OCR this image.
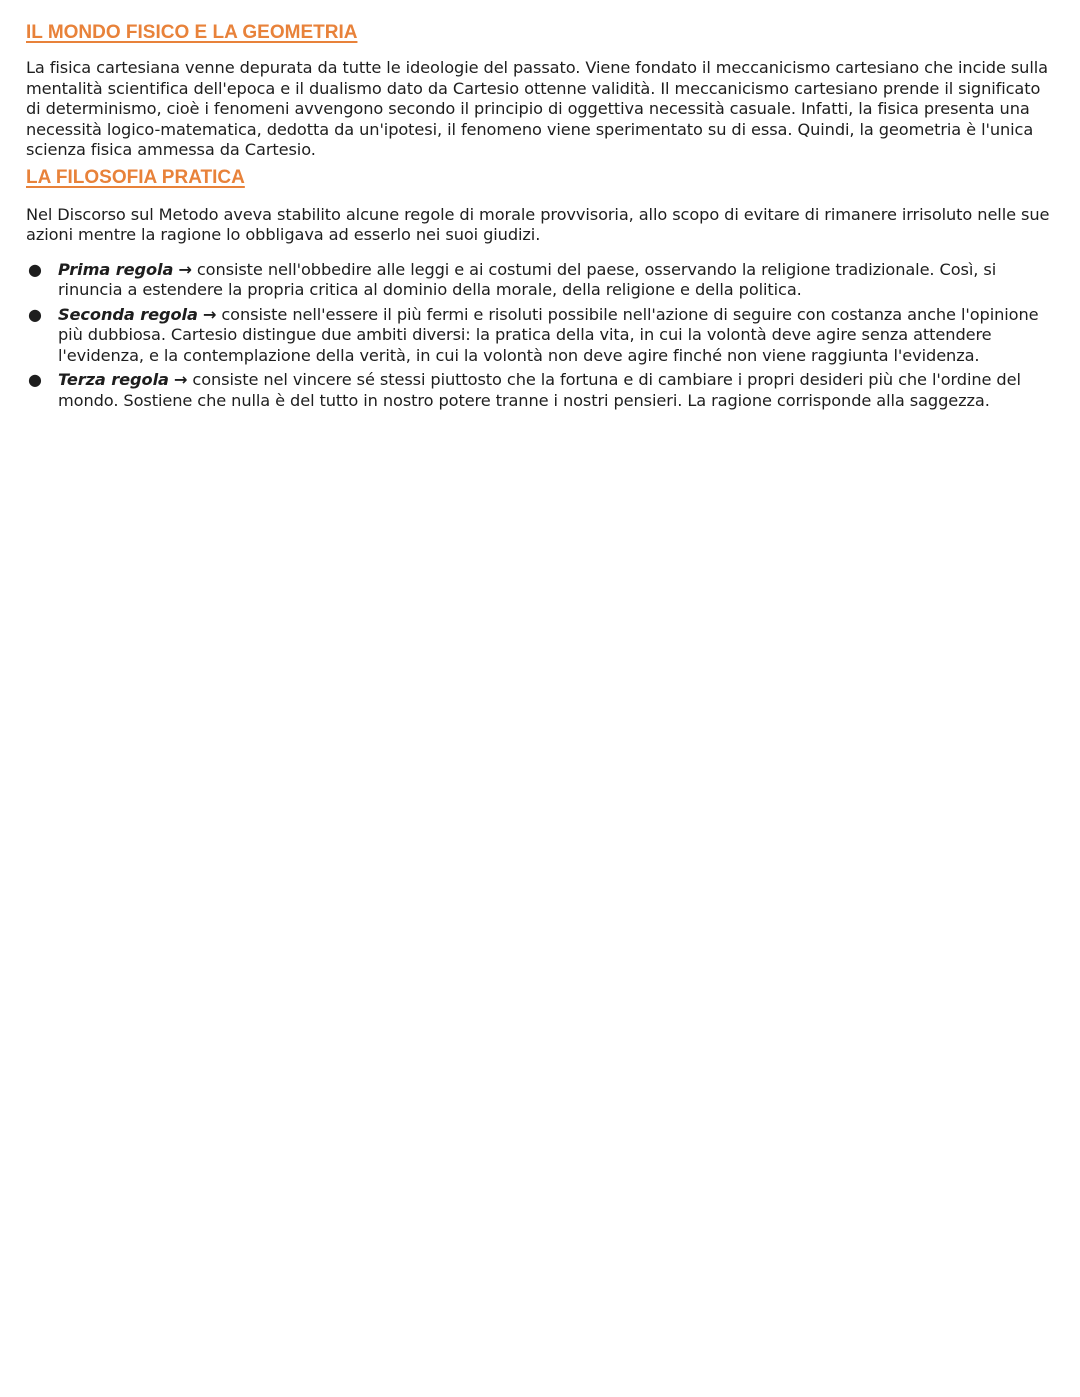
IL MONDO FISICO E LA GEOMETRIA

La fisica cartesiana venne depurata da tutte le ideologie del passato. Viene fondato il meccanicismo cartesiano che incide sulla mentalità scientifica dell'epoca e il dualismo dato da Cartesio ottenne validità. Il meccanicismo cartesiano prende il significato di determinismo, cioè i fenomeni avvengono secondo il principio di oggettiva necessità casuale. Infatti, la fisica presenta una necessità logico-matematica, dedotta da un'ipotesi, il fenomeno viene sperimentato su di essa. Quindi, la geometria è l'unica scienza fisica ammessa da Cartesio.

LA FILOSOFIA PRATICA

Nel Discorso sul Metodo aveva stabilito alcune regole di morale provvisoria, allo scopo di evitare di rimanere irrisoluto nelle sue azioni mentre la ragione lo obbligava ad esserlo nei suoi giudizi.

● Prima regola → consiste nell'obbedire alle leggi e ai costumi del paese, osservando la religione tradizionale. Così, si rinuncia a estendere la propria critica al dominio della morale, della religione e della politica.
● Seconda regola → consiste nell'essere il più fermi e risoluti possibile nell'azione di seguire con costanza anche l'opinione più dubbiosa. Cartesio distingue due ambiti diversi: la pratica della vita, in cui la volontà deve agire senza attendere l'evidenza, e la contemplazione della verità, in cui la volontà non deve agire finché non viene raggiunta l'evidenza.
● Terza regola → consiste nel vincere sé stessi piuttosto che la fortuna e di cambiare i propri desideri più che l'ordine del mondo. Sostiene che nulla è del tutto in nostro potere tranne i nostri pensieri. La ragione corrisponde alla saggezza.
